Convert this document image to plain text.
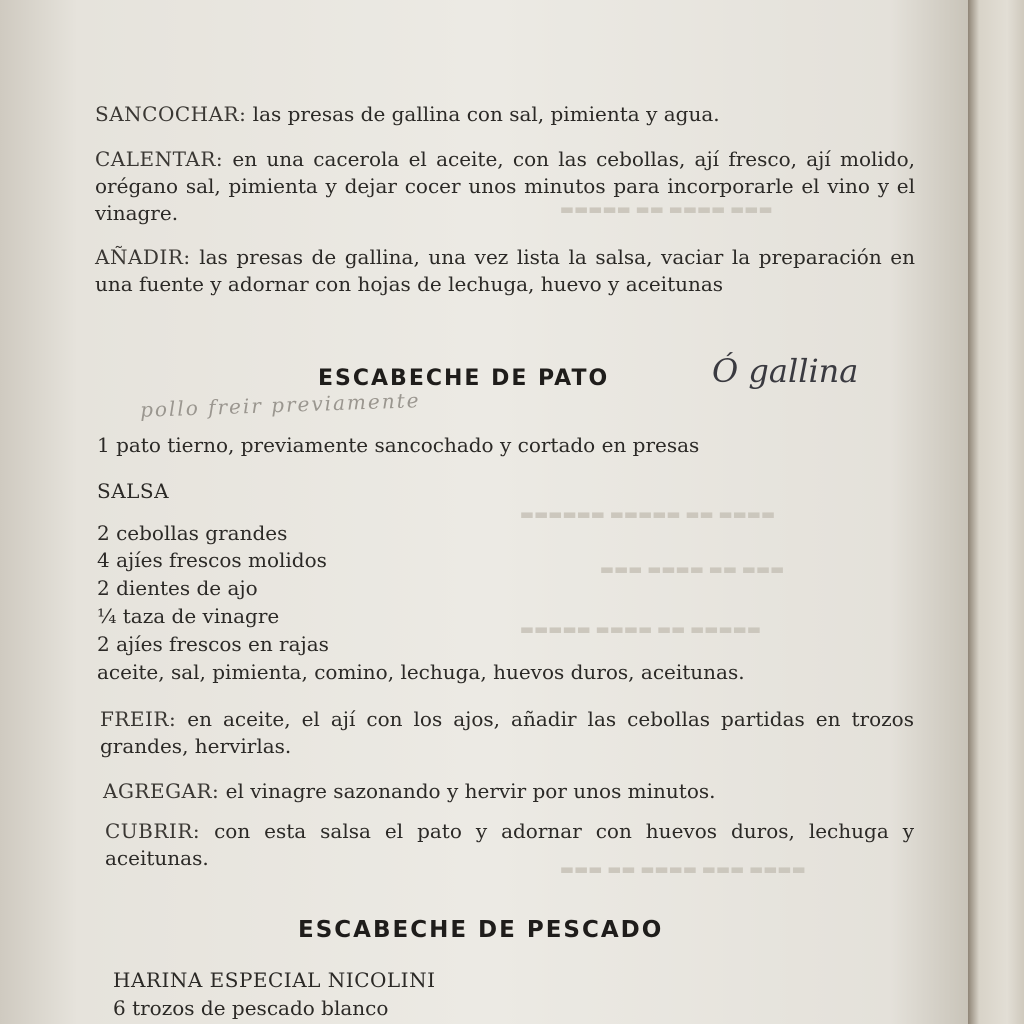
▬▬▬ ▬▬▬▬ ▬▬ ▬▬▬▬▬
▬▬▬▬ ▬▬ ▬▬▬▬▬ ▬▬▬▬▬▬
▬▬▬ ▬▬ ▬▬▬▬ ▬▬▬
▬▬▬▬▬ ▬▬ ▬▬▬▬ ▬▬▬▬▬
▬▬▬▬ ▬▬▬ ▬▬▬▬ ▬▬ ▬▬▬

SANCOCHAR: las presas de gallina con sal, pimienta y agua.

CALENTAR: en una cacerola el aceite, con las cebollas, ají fresco, ají molido, orégano sal, pimienta y dejar cocer unos minutos para incorporarle el vino y el vinagre.

AÑADIR: las presas de gallina, una vez lista la salsa, vaciar la preparación en una fuente y adornar con hojas de lechuga, huevo y aceitunas

ESCABECHE DE PATO	Ó gallina
pollo freir previamente
1 pato tierno, previamente sancochado y cortado en presas
SALSA
2 cebollas grandes
4 ajíes frescos molidos
2 dientes de ajo
¼ taza de vinagre
2 ajíes frescos en rajas
aceite, sal, pimienta, comino, lechuga, huevos duros, aceitunas.

FREIR: en aceite, el ají con los ajos, añadir las cebollas partidas en trozos grandes, hervirlas.

AGREGAR: el vinagre sazonando y hervir por unos minutos.

CUBRIR: con esta salsa el pato y adornar con huevos duros, lechuga y aceitunas.

ESCABECHE DE PESCADO
HARINA ESPECIAL NICOLINI
6 trozos de pescado blanco
